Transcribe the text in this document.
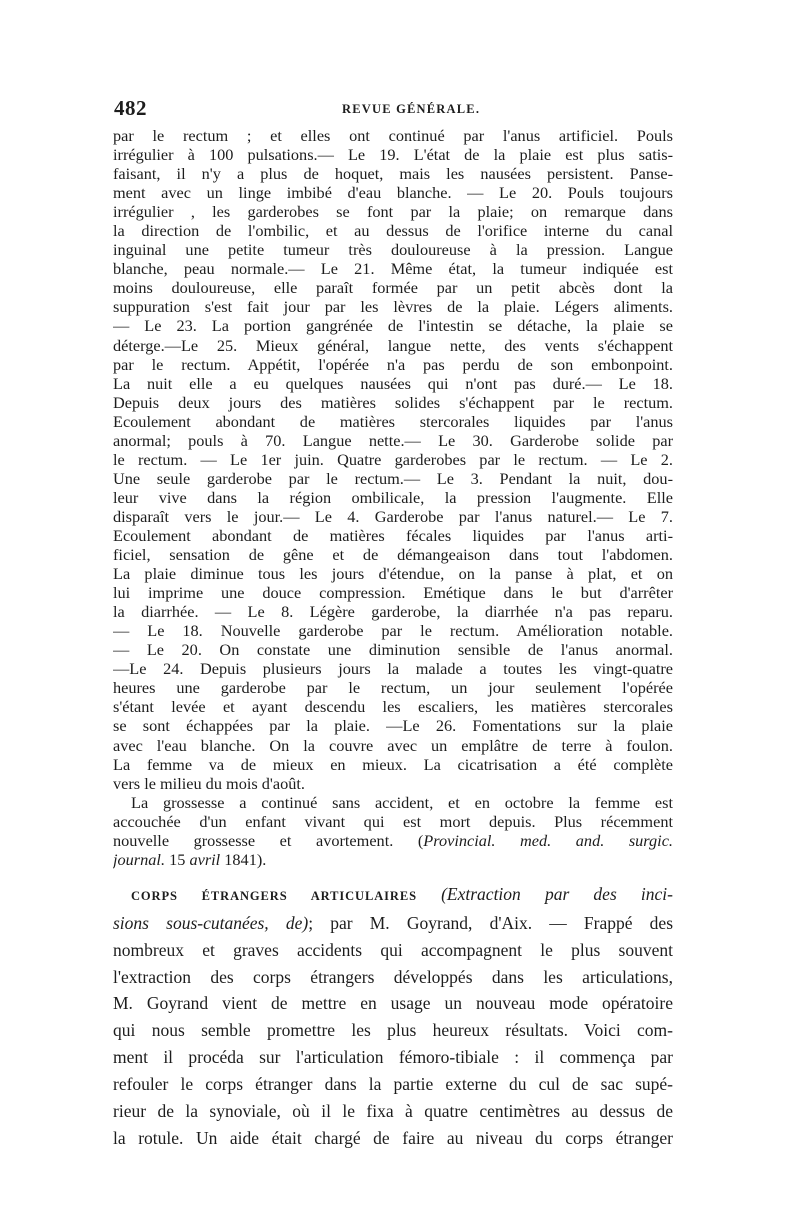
482	REVUE GÉNÉRALE.
par le rectum ; et elles ont continué par l'anus artificiel. Pouls
irrégulier à 100 pulsations.— Le 19. L'état de la plaie est plus satis-
faisant, il n'y a plus de hoquet, mais les nausées persistent. Panse-
ment avec un linge imbibé d'eau blanche. — Le 20. Pouls toujours
irrégulier , les garderobes se font par la plaie; on remarque dans
la direction de l'ombilic, et au dessus de l'orifice interne du canal
inguinal une petite tumeur très douloureuse à la pression. Langue
blanche, peau normale.— Le 21. Même état, la tumeur indiquée est
moins douloureuse, elle paraît formée par un petit abcès dont la
suppuration s'est fait jour par les lèvres de la plaie. Légers aliments.
— Le 23. La portion gangrénée de l'intestin se détache, la plaie se
déterge.—Le 25. Mieux général, langue nette, des vents s'échappent
par le rectum. Appétit, l'opérée n'a pas perdu de son embonpoint.
La nuit elle a eu quelques nausées qui n'ont pas duré.— Le 18.
Depuis deux jours des matières solides s'échappent par le rectum.
Ecoulement abondant de matières stercorales liquides par l'anus
anormal; pouls à 70. Langue nette.— Le 30. Garderobe solide par
le rectum. — Le 1er juin. Quatre garderobes par le rectum. — Le 2.
Une seule garderobe par le rectum.— Le 3. Pendant la nuit, dou-
leur vive dans la région ombilicale, la pression l'augmente. Elle
disparaît vers le jour.— Le 4. Garderobe par l'anus naturel.— Le 7.
Ecoulement abondant de matières fécales liquides par l'anus arti-
ficiel, sensation de gêne et de démangeaison dans tout l'abdomen.
La plaie diminue tous les jours d'étendue, on la panse à plat, et on
lui imprime une douce compression. Emétique dans le but d'arrêter
la diarrhée. — Le 8. Légère garderobe, la diarrhée n'a pas reparu.
— Le 18. Nouvelle garderobe par le rectum. Amélioration notable.
— Le 20. On constate une diminution sensible de l'anus anormal.
—Le 24. Depuis plusieurs jours la malade a toutes les vingt-quatre
heures une garderobe par le rectum, un jour seulement l'opérée
s'étant levée et ayant descendu les escaliers, les matières stercorales
se sont échappées par la plaie. —Le 26. Fomentations sur la plaie
avec l'eau blanche. On la couvre avec un emplâtre de terre à foulon.
La femme va de mieux en mieux. La cicatrisation a été complète
vers le milieu du mois d'août.
La grossesse a continué sans accident, et en octobre la femme est
accouchée d'un enfant vivant qui est mort depuis. Plus récemment
nouvelle grossesse et avortement. (Provincial. med. and. surgic.
journal. 15 avril 1841).
CORPS ÉTRANGERS ARTICULAIRES (Extraction par des inci-
sions sous-cutanées, de); par M. Goyrand, d'Aix. — Frappé des
nombreux et graves accidents qui accompagnent le plus souvent
l'extraction des corps étrangers développés dans les articulations,
M. Goyrand vient de mettre en usage un nouveau mode opératoire
qui nous semble promettre les plus heureux résultats. Voici com-
ment il procéda sur l'articulation fémoro-tibiale : il commença par
refouler le corps étranger dans la partie externe du cul de sac supé-
rieur de la synoviale, où il le fixa à quatre centimètres au dessus de
la rotule. Un aide était chargé de faire au niveau du corps étranger
